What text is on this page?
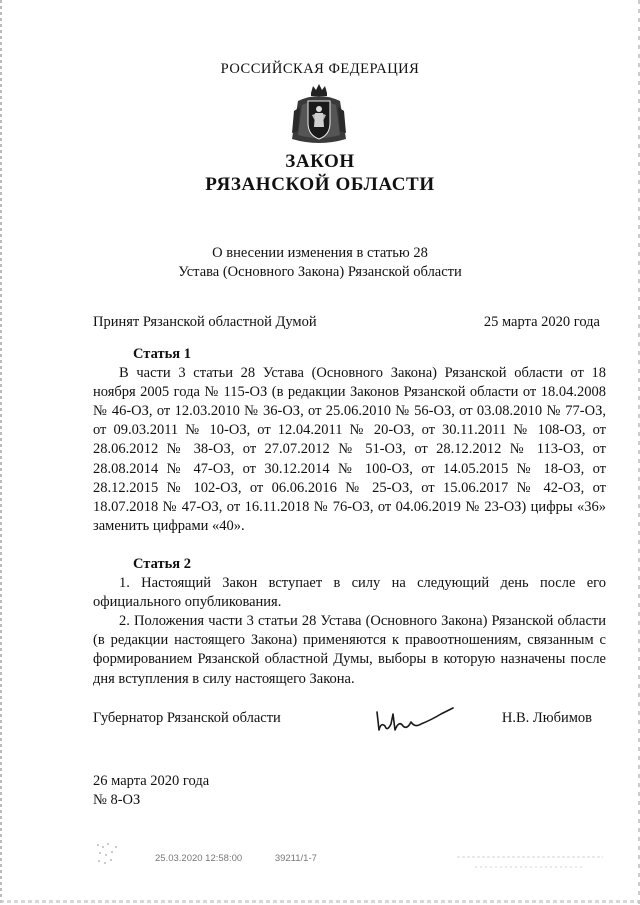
РОССИЙСКАЯ ФЕДЕРАЦИЯ
ЗАКОН
РЯЗАНСКОЙ ОБЛАСТИ
О внесении изменения в статью 28
Устава (Основного Закона) Рязанской области
Принят Рязанской областной Думой	25 марта 2020 года

Статья 1

В части 3 статьи 28 Устава (Основного Закона) Рязанской области от 18 ноября 2005 года № 115-ОЗ (в редакции Законов Рязанской области от 18.04.2008 № 46-ОЗ, от 12.03.2010 № 36-ОЗ, от 25.06.2010 № 56-ОЗ, от 03.08.2010 № 77-ОЗ, от 09.03.2011 № 10-ОЗ, от 12.04.2011 № 20-ОЗ, от 30.11.2011 № 108-ОЗ, от 28.06.2012 № 38-ОЗ, от 27.07.2012 № 51-ОЗ, от 28.12.2012 № 113-ОЗ, от 28.08.2014 № 47-ОЗ, от 30.12.2014 № 100-ОЗ, от 14.05.2015 № 18-ОЗ, от 28.12.2015 № 102-ОЗ, от 06.06.2016 № 25-ОЗ, от 15.06.2017 № 42-ОЗ, от 18.07.2018 № 47-ОЗ, от 16.11.2018 № 76-ОЗ, от 04.06.2019 № 23-ОЗ) цифры «36» заменить цифрами «40».

Статья 2

1. Настоящий Закон вступает в силу на следующий день после его официального опубликования.

2. Положения части 3 статьи 28 Устава (Основного Закона) Рязанской области (в редакции настоящего Закона) применяются к правоотношениям, связанным с формированием Рязанской областной Думы, выборы в которую назначены после дня вступления в силу настоящего Закона.

Губернатор Рязанской области	Н.В. Любимов
26 марта 2020 года
№ 8-ОЗ
25.03.2020 12:58:00	39211/1-7
